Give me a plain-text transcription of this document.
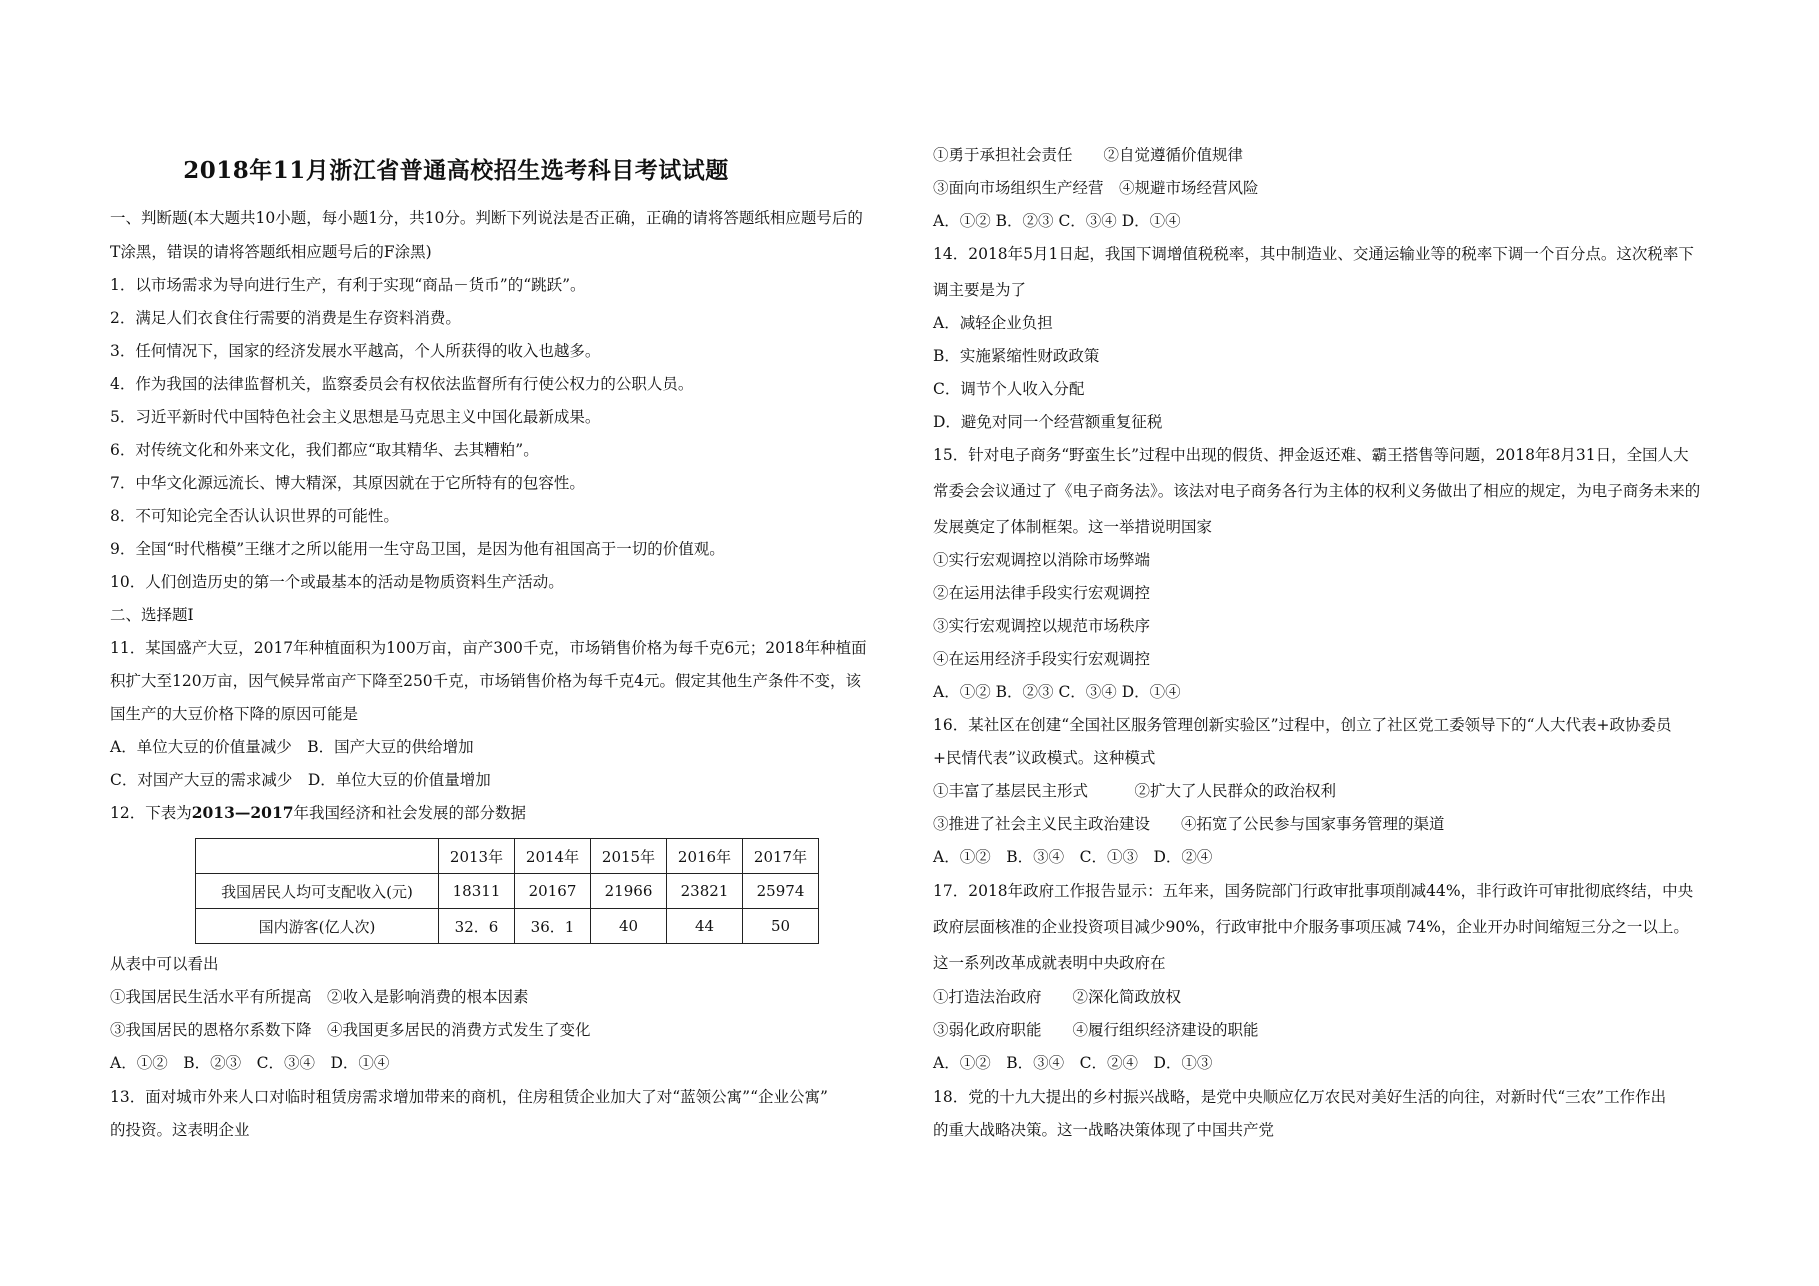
2018年11月浙江省普通高校招生选考科目考试试题
一、判断题(本大题共10小题，每小题1分，共10分。判断下列说法是否正确，正确的请将答题纸相应题号后的
T涂黑，错误的请将答题纸相应题号后的F涂黑)
1．以市场需求为导向进行生产，有利于实现“商品－货币”的“跳跃”。
2．满足人们衣食住行需要的消费是生存资料消费。
3．任何情况下，国家的经济发展水平越高，个人所获得的收入也越多。
4．作为我国的法律监督机关，监察委员会有权依法监督所有行使公权力的公职人员。
5．习近平新时代中国特色社会主义思想是马克思主义中国化最新成果。
6．对传统文化和外来文化，我们都应“取其精华、去其糟粕”。
7．中华文化源远流长、博大精深，其原因就在于它所特有的包容性。
8．不可知论完全否认认识世界的可能性。
9．全国“时代楷模”王继才之所以能用一生守岛卫国，是因为他有祖国高于一切的价值观。
10．人们创造历史的第一个或最基本的活动是物质资料生产活动。
二、选择题Ⅰ
11．某国盛产大豆，2017年种植面积为100万亩，亩产300千克，市场销售价格为每千克6元；2018年种植面
积扩大至120万亩，因气候异常亩产下降至250千克，市场销售价格为每千克4元。假定其他生产条件不变，该
国生产的大豆价格下降的原因可能是
A．单位大豆的价值量减少　B．国产大豆的供给增加
C．对国产大豆的需求减少　D．单位大豆的价值量增加
12．下表为2013—2017年我国经济和社会发展的部分数据
	2013年	2014年	2015年	2016年	2017年
我国居民人均可支配收入(元)	18311	20167	21966	23821	25974
国内游客(亿人次)	32．6	36．1	40	44	50
从表中可以看出
①我国居民生活水平有所提高　②收入是影响消费的根本因素
③我国居民的恩格尔系数下降　④我国更多居民的消费方式发生了变化
A．①②　B．②③　C．③④　D．①④
13．面对城市外来人口对临时租赁房需求增加带来的商机，住房租赁企业加大了对“蓝领公寓”“企业公寓”
的投资。这表明企业
①勇于承担社会责任　　②自觉遵循价值规律
③面向市场组织生产经营　④规避市场经营风险
A．①② B．②③ C．③④ D．①④
14．2018年5月1日起，我国下调增值税税率，其中制造业、交通运输业等的税率下调一个百分点。这次税率下
调主要是为了
A．减轻企业负担
B．实施紧缩性财政政策
C．调节个人收入分配
D．避免对同一个经营额重复征税
15．针对电子商务“野蛮生长”过程中出现的假货、押金返还难、霸王搭售等问题，2018年8月31日，全国人大
常委会会议通过了《电子商务法》。该法对电子商务各行为主体的权利义务做出了相应的规定，为电子商务未来的
发展奠定了体制框架。这一举措说明国家
①实行宏观调控以消除市场弊端
②在运用法律手段实行宏观调控
③实行宏观调控以规范市场秩序
④在运用经济手段实行宏观调控
A．①② B．②③ C．③④ D．①④
16．某社区在创建“全国社区服务管理创新实验区”过程中，创立了社区党工委领导下的“人大代表+政协委员
+民情代表”议政模式。这种模式
①丰富了基层民主形式　　　②扩大了人民群众的政治权利
③推进了社会主义民主政治建设　　④拓宽了公民参与国家事务管理的渠道
A．①②　B．③④　C．①③　D．②④
17．2018年政府工作报告显示：五年来，国务院部门行政审批事项削减44%，非行政许可审批彻底终结，中央
政府层面核准的企业投资项目减少90%，行政审批中介服务事项压减 74%，企业开办时间缩短三分之一以上。
这一系列改革成就表明中央政府在
①打造法治政府　　②深化简政放权
③弱化政府职能　　④履行组织经济建设的职能
A．①②　B．③④　C．②④　D．①③
18．党的十九大提出的乡村振兴战略，是党中央顺应亿万农民对美好生活的向往，对新时代“三农”工作作出
的重大战略决策。这一战略决策体现了中国共产党
